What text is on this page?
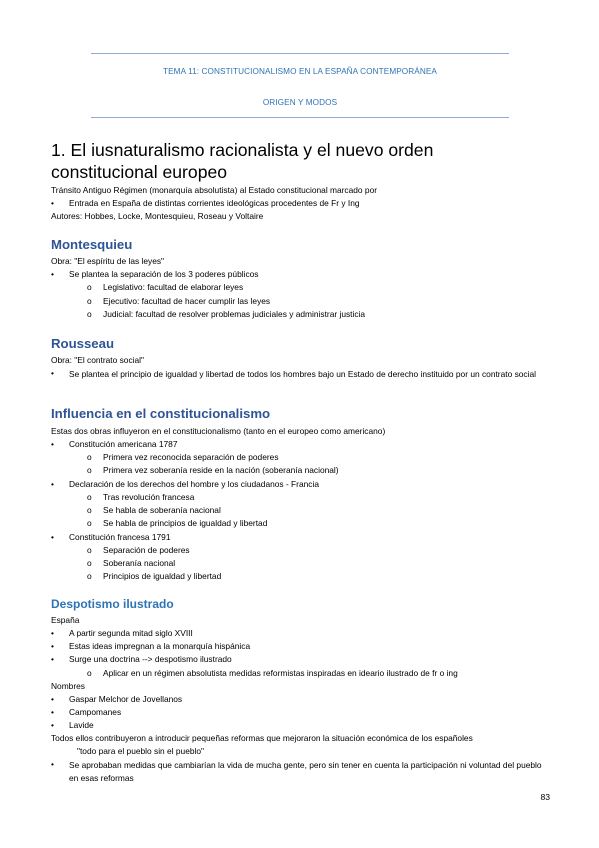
TEMA 11: CONSTITUCIONALISMO EN LA ESPAÑA CONTEMPORÁNEA
ORIGEN Y MODOS
1. El iusnaturalismo racionalista y el nuevo orden constitucional europeo
Tránsito Antiguo Régimen (monarquía absolutista) al Estado constitucional marcado por
• Entrada en España de distintas corrientes ideológicas procedentes de Fr y Ing
Autores: Hobbes, Locke, Montesquieu, Roseau y Voltaire
Montesquieu
Obra: "El espíritu de las leyes"
• Se plantea la separación de los 3 poderes públicos
o Legislativo: facultad de elaborar leyes
o Ejecutivo: facultad de hacer cumplir las leyes
o Judicial: facultad de resolver problemas judiciales y administrar justicia
Rousseau
Obra: "El contrato social"
• Se plantea el principio de igualdad y libertad de todos los hombres bajo un Estado de derecho instituido por un contrato social
Influencia en el constitucionalismo
Estas dos obras influyeron en el constitucionalismo (tanto en el europeo como americano)
• Constitución americana 1787
o Primera vez reconocida separación de poderes
o Primera vez soberanía reside en la nación (soberanía nacional)
• Declaración de los derechos del hombre y los ciudadanos - Francia
o Tras revolución francesa
o Se habla de soberanía nacional
o Se habla de principios de igualdad y libertad
• Constitución francesa 1791
o Separación de poderes
o Soberanía nacional
o Principios de igualdad y libertad
Despotismo ilustrado
España
• A partir segunda mitad siglo XVIII
• Estas ideas impregnan a la monarquía hispánica
• Surge una doctrina --> despotismo ilustrado
o Aplicar en un régimen absolutista medidas reformistas inspiradas en ideario ilustrado de fr o ing
Nombres
• Gaspar Melchor de Jovellanos
• Campomanes
• Lavide
Todos ellos contribuyeron a introducir pequeñas reformas que mejoraron la situación económica de los españoles
"todo para el pueblo sin el pueblo"
• Se aprobaban medidas que cambiarían la vida de mucha gente, pero sin tener en cuenta la participación ni voluntad del pueblo en esas reformas
83
